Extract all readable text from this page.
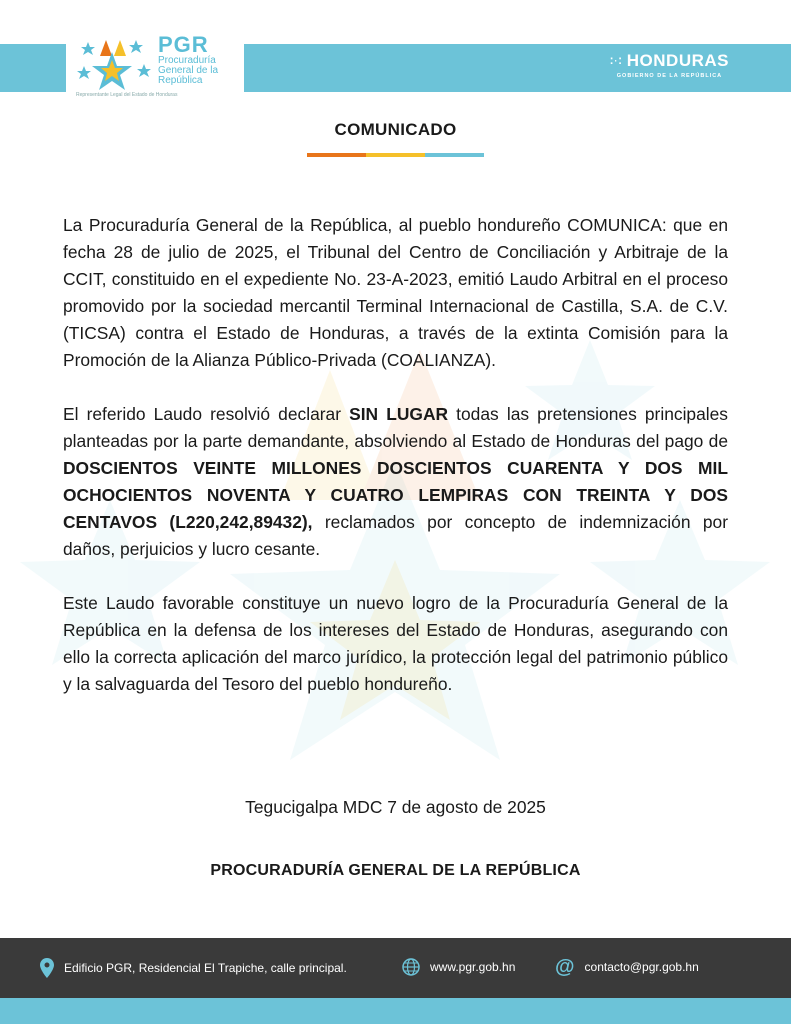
PGR
Procuraduría
General de la
República
Representante Legal del Estado de Honduras
⁚·⁚ HONDURAS
GOBIERNO DE LA REPÚBLICA
COMUNICADO

La Procuraduría General de la República, al pueblo hondureño COMUNICA: que en fecha 28 de julio de 2025, el Tribunal del Centro de Conciliación y Arbitraje de la CCIT, constituido en el expediente No. 23-A-2023, emitió Laudo Arbitral en el proceso promovido por la sociedad mercantil Terminal Internacional de Castilla, S.A. de C.V. (TICSA) contra el Estado de Honduras, a través de la extinta Comisión para la Promoción de la Alianza Público-Privada (COALIANZA).

El referido Laudo resolvió declarar SIN LUGAR todas las pretensiones principales planteadas por la parte demandante, absolviendo al Estado de Honduras del pago de DOSCIENTOS VEINTE MILLONES DOSCIENTOS CUARENTA Y DOS MIL OCHOCIENTOS NOVENTA Y CUATRO LEMPIRAS CON TREINTA Y DOS CENTAVOS (L220,242,89432), reclamados por concepto de indemnización por daños, perjuicios y lucro cesante.

Este Laudo favorable constituye un nuevo logro de la Procuraduría General de la República en la defensa de los intereses del Estado de Honduras, asegurando con ello la correcta aplicación del marco jurídico, la protección legal del patrimonio público y la salvaguarda del Tesoro del pueblo hondureño.

Tegucigalpa MDC 7 de agosto de 2025
PROCURADURÍA GENERAL DE LA REPÚBLICA
Edificio PGR, Residencial El Trapiche, calle principal.	www.pgr.gob.hn @ contacto@pgr.gob.hn
